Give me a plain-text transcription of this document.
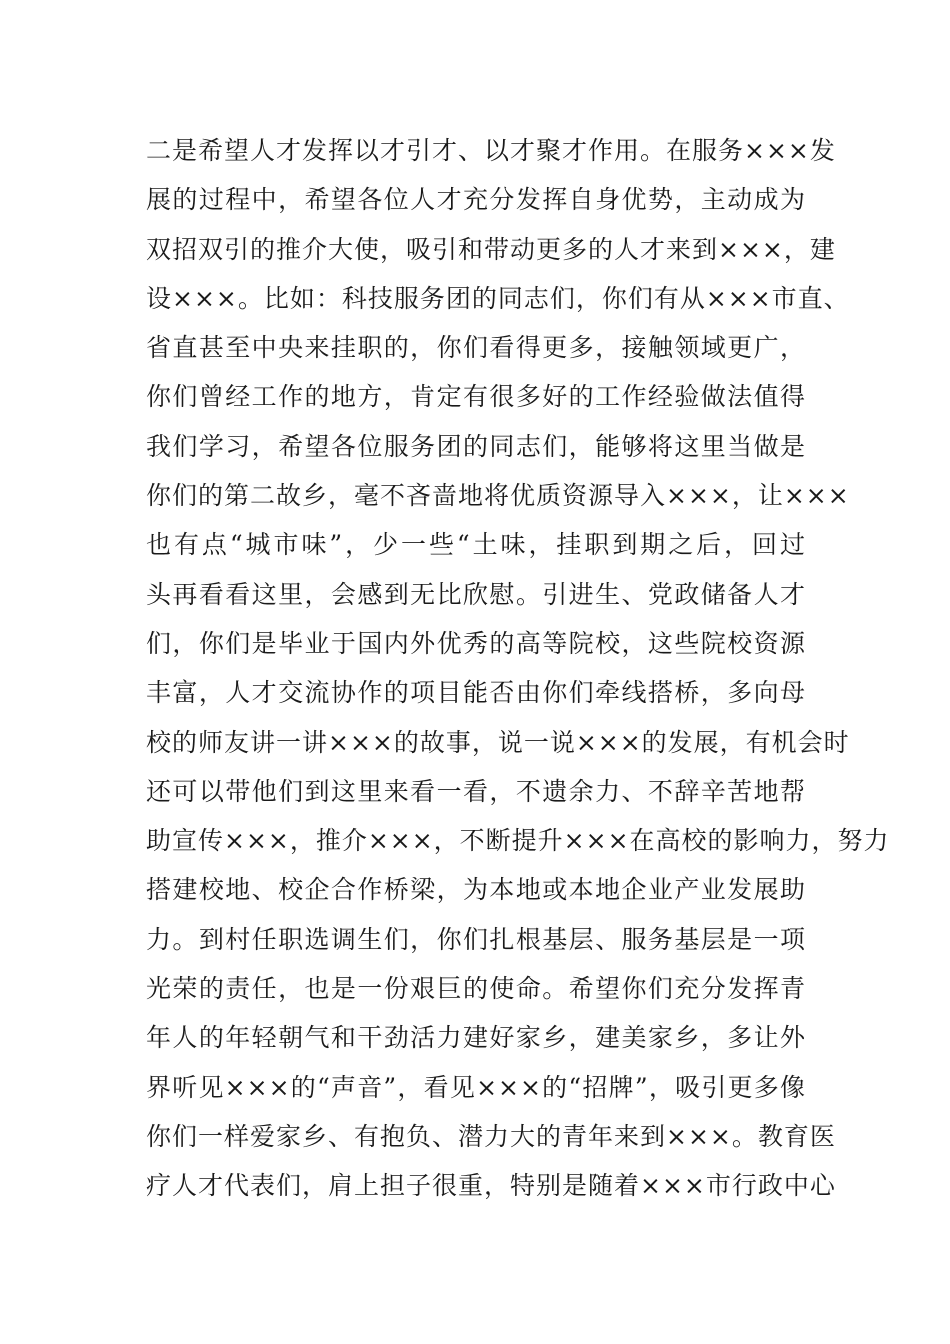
二是希望人才发挥以才引才、以才聚才作用。在服务×××发
展的过程中，希望各位人才充分发挥自身优势，主动成为
双招双引的推介大使，吸引和带动更多的人才来到×××，建
设×××。比如：科技服务团的同志们，你们有从×××市直、
省直甚至中央来挂职的，你们看得更多，接触领域更广，
你们曾经工作的地方，肯定有很多好的工作经验做法值得
我们学习，希望各位服务团的同志们，能够将这里当做是
你们的第二故乡，毫不吝啬地将优质资源导入×××，让×××
也有点“城市味”，少一些“土味，挂职到期之后，回过
头再看看这里，会感到无比欣慰。引进生、党政储备人才
们，你们是毕业于国内外优秀的高等院校，这些院校资源
丰富，人才交流协作的项目能否由你们牵线搭桥，多向母
校的师友讲一讲×××的故事，说一说×××的发展，有机会时
还可以带他们到这里来看一看，不遗余力、不辞辛苦地帮
助宣传×××，推介×××，不断提升×××在高校的影响力，努力
搭建校地、校企合作桥梁，为本地或本地企业产业发展助
力。到村任职选调生们，你们扎根基层、服务基层是一项
光荣的责任，也是一份艰巨的使命。希望你们充分发挥青
年人的年轻朝气和干劲活力建好家乡，建美家乡，多让外
界听见×××的“声音”，看见×××的“招牌”，吸引更多像
你们一样爱家乡、有抱负、潜力大的青年来到×××。教育医
疗人才代表们，肩上担子很重，特别是随着×××市行政中心
